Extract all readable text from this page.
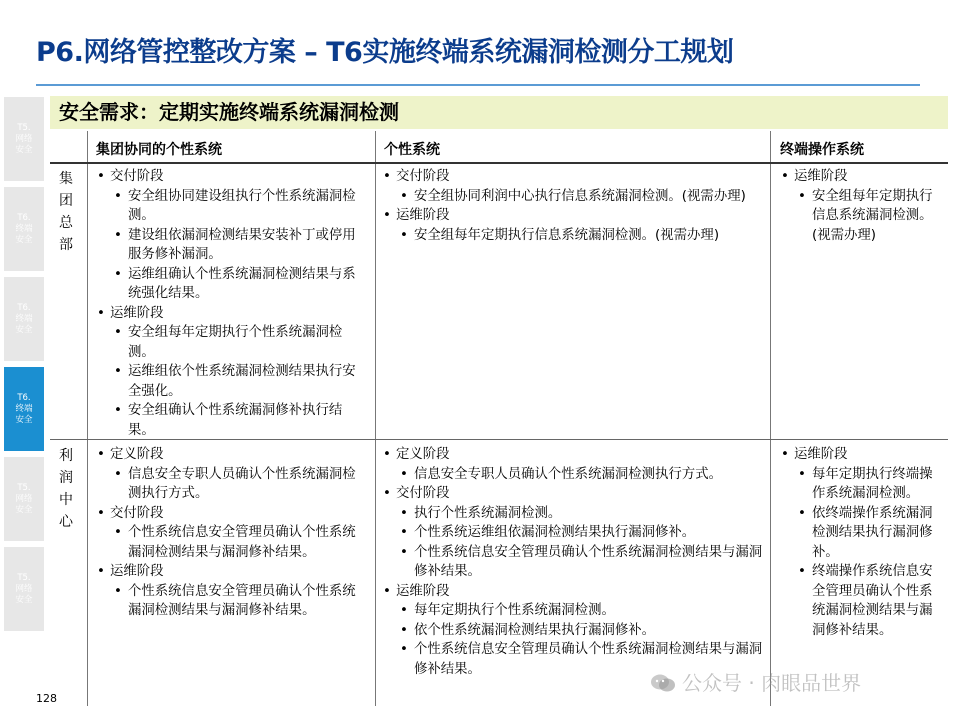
P6.网络管控整改方案 – T6实施终端系统漏洞检测分工规划
T5.
网络
安全
T6.
终端
安全
T6.
终端
安全
T6.
终端
安全
T5.
网络
安全
T5.
网络
安全
安全需求：定期实施终端系统漏洞检测
集团协同的个性系统	个性系统	终端操作系统
集
团
总
部
利
润
中
心
• 交付阶段
• 安全组协同建设组执行个性系统漏洞检测。
• 建设组依漏洞检测结果安装补丁或停用服务修补漏洞。
• 运维组确认个性系统漏洞检测结果与系统强化结果。
• 运维阶段
• 安全组每年定期执行个性系统漏洞检测。
• 运维组依个性系统漏洞检测结果执行安全强化。
• 安全组确认个性系统漏洞修补执行结果。
• 交付阶段
• 安全组协同利润中心执行信息系统漏洞检测。(视需办理)
• 运维阶段
• 安全组每年定期执行信息系统漏洞检测。(视需办理)
• 运维阶段
• 安全组每年定期执行信息系统漏洞检测。(视需办理)
• 定义阶段
• 信息安全专职人员确认个性系统漏洞检测执行方式。
• 交付阶段
• 个性系统信息安全管理员确认个性系统漏洞检测结果与漏洞修补结果。
• 运维阶段
• 个性系统信息安全管理员确认个性系统漏洞检测结果与漏洞修补结果。
• 定义阶段
• 信息安全专职人员确认个性系统漏洞检测执行方式。
• 交付阶段
• 执行个性系统漏洞检测。
• 个性系统运维组依漏洞检测结果执行漏洞修补。
• 个性系统信息安全管理员确认个性系统漏洞检测结果与漏洞修补结果。
• 运维阶段
• 每年定期执行个性系统漏洞检测。
• 依个性系统漏洞检测结果执行漏洞修补。
• 个性系统信息安全管理员确认个性系统漏洞检测结果与漏洞修补结果。
• 运维阶段
• 每年定期执行终端操作系统漏洞检测。
• 依终端操作系统漏洞检测结果执行漏洞修补。
• 终端操作系统信息安全管理员确认个性系统漏洞检测结果与漏洞修补结果。
128
公众号 · 肉眼品世界
